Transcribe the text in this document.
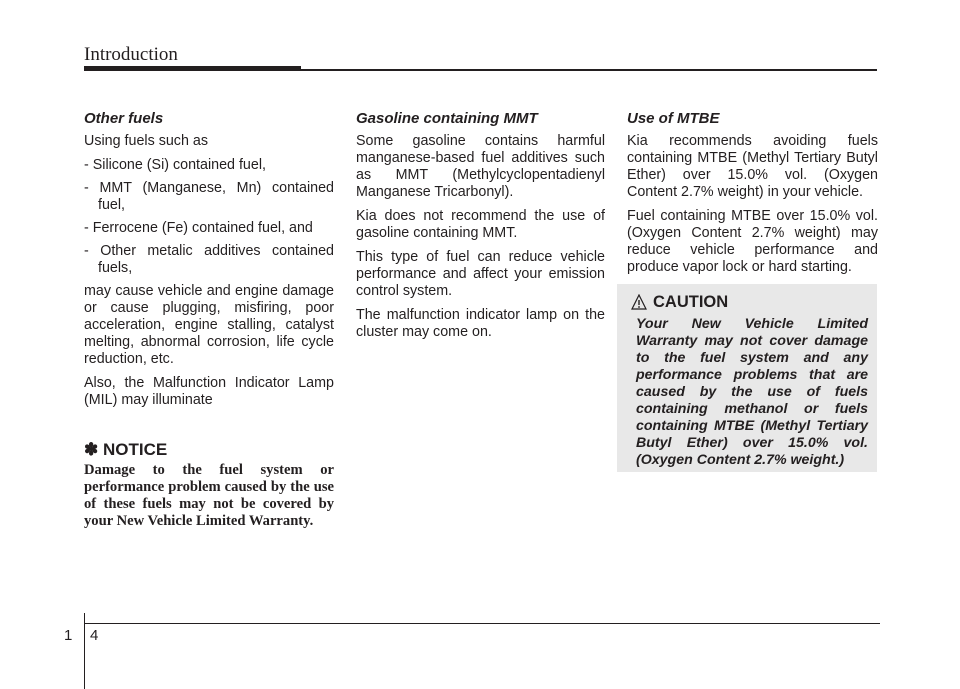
Introduction
Other fuels

Using fuels such as

- Silicone (Si) contained fuel,
- MMT (Manganese, Mn) contained fuel,
- Ferrocene (Fe) contained fuel, and
- Other metalic additives contained fuels,

may cause vehicle and engine damage or cause plugging, misfiring, poor acceleration, engine stalling, catalyst melting, abnormal corrosion, life cycle reduction, etc.

Also, the Malfunction Indicator Lamp (MIL) may illuminate

✽ NOTICE

Damage to the fuel system or performance problem caused by the use of these fuels may not be covered by your New Vehicle Limited Warranty.

Gasoline containing MMT

Some gasoline contains harmful manganese-based fuel additives such as MMT (Methylcyclopentadienyl Manganese Tricarbonyl).

Kia does not recommend the use of gasoline containing MMT.

This type of fuel can reduce vehicle performance and affect your emission control system.

The malfunction indicator lamp on the cluster may come on.

Use of MTBE

Kia recommends avoiding fuels containing MTBE (Methyl Tertiary Butyl Ether) over 15.0% vol. (Oxygen Content 2.7% weight) in your vehicle.

Fuel containing MTBE over 15.0% vol. (Oxygen Content 2.7% weight) may reduce vehicle performance and produce vapor lock or hard starting.

CAUTION

Your New Vehicle Limited Warranty may not cover damage to the fuel system and any performance problems that are caused by the use of fuels containing methanol or fuels containing MTBE (Methyl Tertiary Butyl Ether) over 15.0% vol. (Oxygen Content 2.7% weight.)

1 4
